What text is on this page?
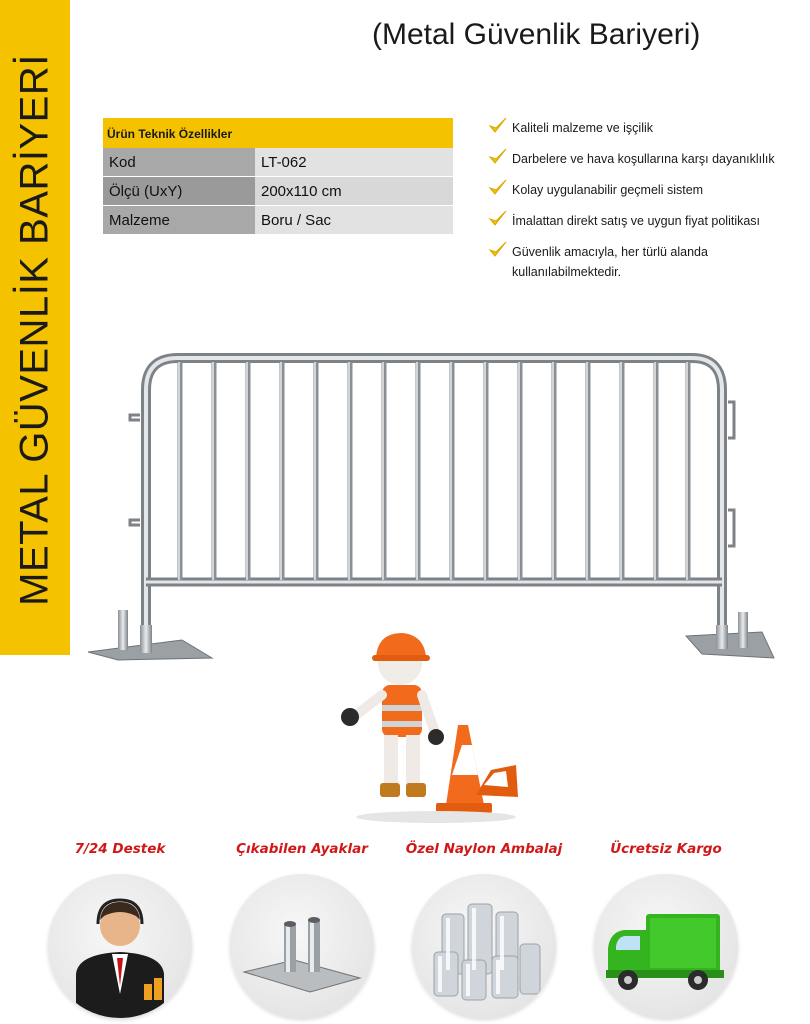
METAL GÜVENLİK BARİYERİ
(Metal Güvenlik Bariyeri)
Ürün Teknik Özellikler	
Kod	LT-062
Ölçü (UxY)	200x110 cm
Malzeme	Boru / Sac
Kaliteli malzeme ve işçilik
Darbelere ve hava koşullarına karşı dayanıklılık
Kolay uygulanabilir geçmeli sistem
İmalattan direkt satış ve uygun fiyat politikası
Güvenlik amacıyla, her türlü alanda kullanılabilmektedir.
7/24 Destek	Çıkabilen Ayaklar	Özel Naylon Ambalaj	Ücretsiz Kargo
